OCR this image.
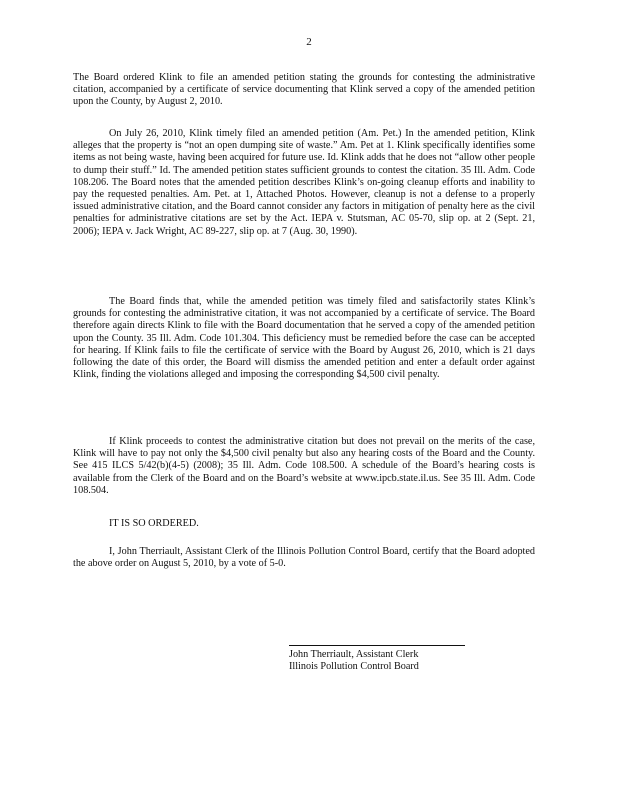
2

The Board ordered Klink to file an amended petition stating the grounds for contesting the administrative citation, accompanied by a certificate of service documenting that Klink served a copy of the amended petition upon the County, by August 2, 2010.

On July 26, 2010, Klink timely filed an amended petition (Am. Pet.) In the amended petition, Klink alleges that the property is “not an open dumping site of waste.” Am. Pet at 1. Klink specifically identifies some items as not being waste, having been acquired for future use. Id. Klink adds that he does not “allow other people to dump their stuff.” Id. The amended petition states sufficient grounds to contest the citation. 35 Ill. Adm. Code 108.206. The Board notes that the amended petition describes Klink’s on-going cleanup efforts and inability to pay the requested penalties. Am. Pet. at 1, Attached Photos. However, cleanup is not a defense to a properly issued administrative citation, and the Board cannot consider any factors in mitigation of penalty here as the civil penalties for administrative citations are set by the Act. IEPA v. Stutsman, AC 05-70, slip op. at 2 (Sept. 21, 2006); IEPA v. Jack Wright, AC 89-227, slip op. at 7 (Aug. 30, 1990).

The Board finds that, while the amended petition was timely filed and satisfactorily states Klink’s grounds for contesting the administrative citation, it was not accompanied by a certificate of service. The Board therefore again directs Klink to file with the Board documentation that he served a copy of the amended petition upon the County. 35 Ill. Adm. Code 101.304. This deficiency must be remedied before the case can be accepted for hearing. If Klink fails to file the certificate of service with the Board by August 26, 2010, which is 21 days following the date of this order, the Board will dismiss the amended petition and enter a default order against Klink, finding the violations alleged and imposing the corresponding $4,500 civil penalty.

If Klink proceeds to contest the administrative citation but does not prevail on the merits of the case, Klink will have to pay not only the $4,500 civil penalty but also any hearing costs of the Board and the County. See 415 ILCS 5/42(b)(4-5) (2008); 35 Ill. Adm. Code 108.500. A schedule of the Board’s hearing costs is available from the Clerk of the Board and on the Board’s website at www.ipcb.state.il.us. See 35 Ill. Adm. Code 108.504.

IT IS SO ORDERED.

I, John Therriault, Assistant Clerk of the Illinois Pollution Control Board, certify that the Board adopted the above order on August 5, 2010, by a vote of 5-0.

John Therriault, Assistant Clerk
Illinois Pollution Control Board
